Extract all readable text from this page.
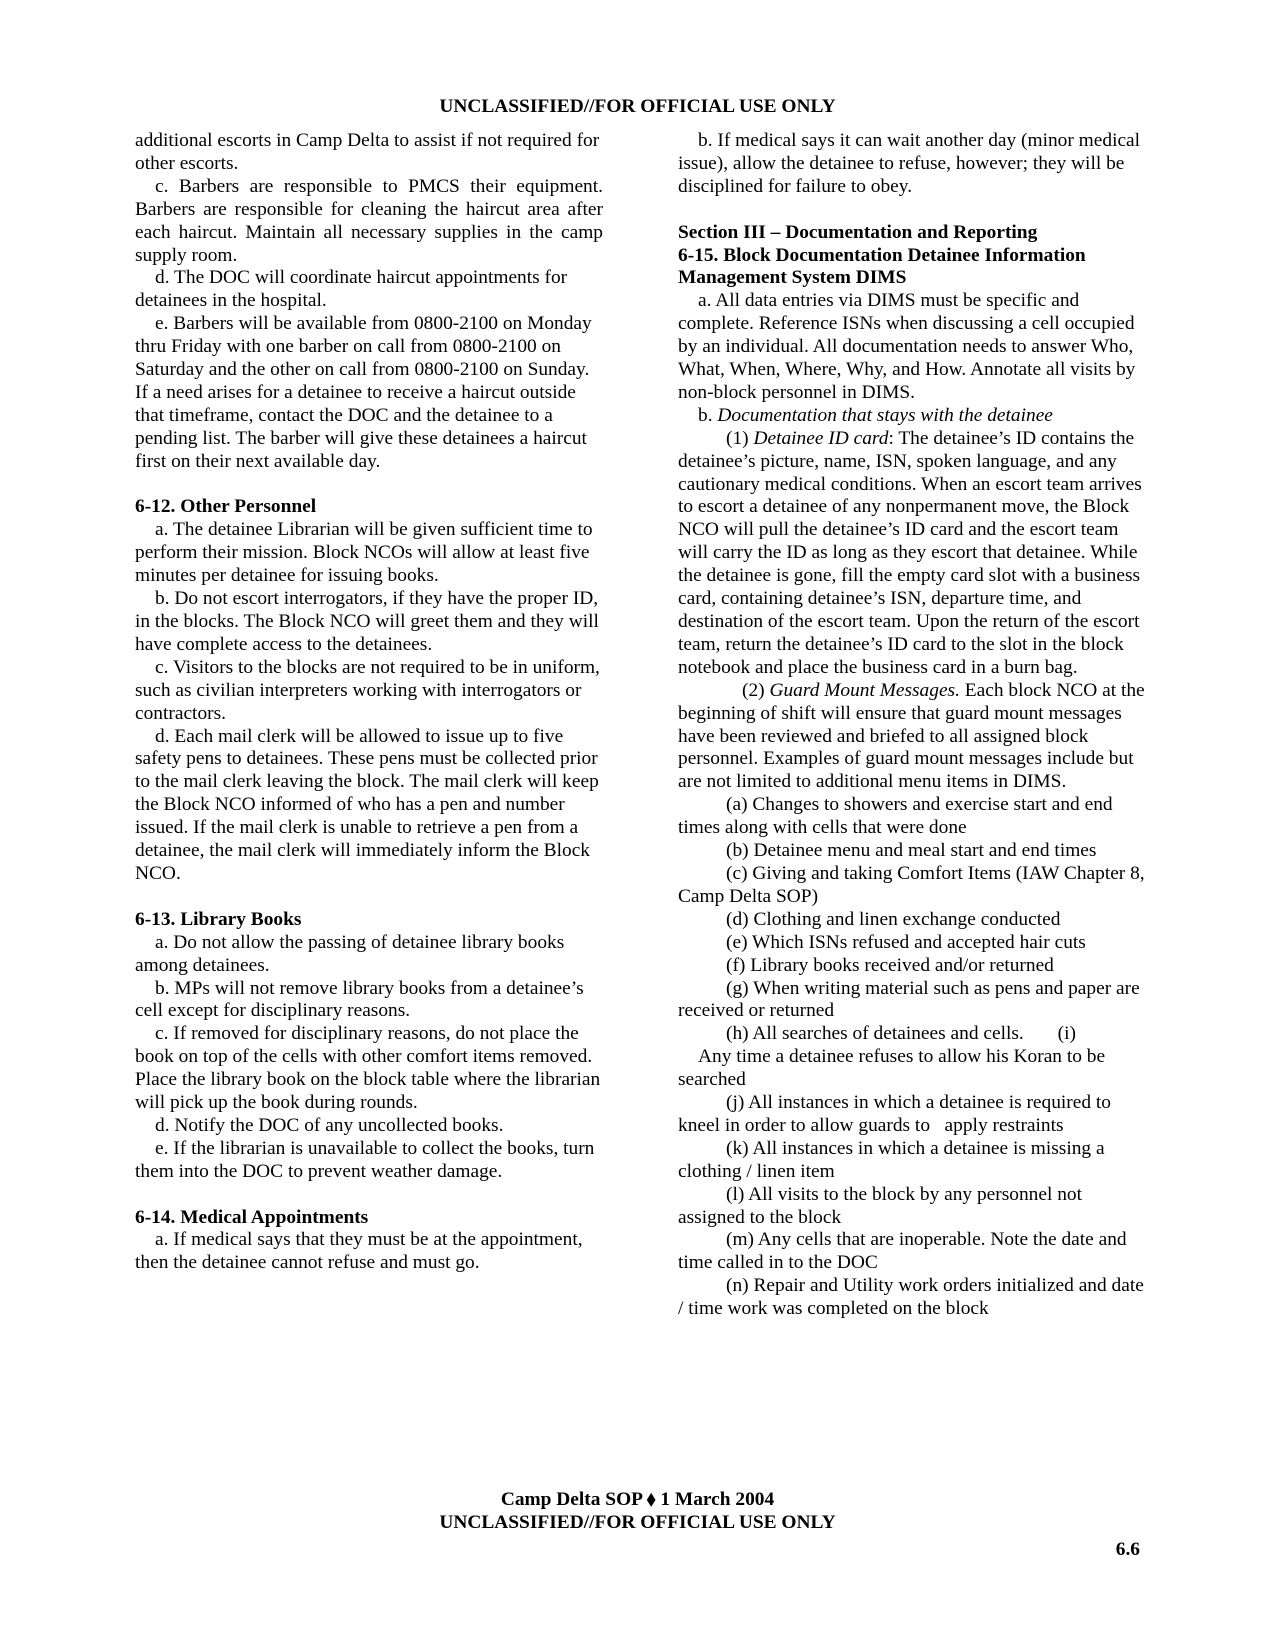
UNCLASSIFIED//FOR OFFICIAL USE ONLY

additional escorts in Camp Delta to assist if not required for other escorts.

c. Barbers are responsible to PMCS their equipment. Barbers are responsible for cleaning the haircut area after each haircut. Maintain all necessary supplies in the camp supply room.

d. The DOC will coordinate haircut appointments for detainees in the hospital.

e. Barbers will be available from 0800-2100 on Monday thru Friday with one barber on call from 0800-2100 on Saturday and the other on call from 0800-2100 on Sunday. If a need arises for a detainee to receive a haircut outside that timeframe, contact the DOC and the detainee to a pending list. The barber will give these detainees a haircut first on their next available day.

6-12. Other Personnel

a. The detainee Librarian will be given sufficient time to perform their mission. Block NCOs will allow at least five minutes per detainee for issuing books.

b. Do not escort interrogators, if they have the proper ID, in the blocks. The Block NCO will greet them and they will have complete access to the detainees.

c. Visitors to the blocks are not required to be in uniform, such as civilian interpreters working with interrogators or contractors.

d. Each mail clerk will be allowed to issue up to five safety pens to detainees. These pens must be collected prior to the mail clerk leaving the block. The mail clerk will keep the Block NCO informed of who has a pen and number issued. If the mail clerk is unable to retrieve a pen from a detainee, the mail clerk will immediately inform the Block NCO.

6-13. Library Books

a. Do not allow the passing of detainee library books among detainees.

b. MPs will not remove library books from a detainee’s cell except for disciplinary reasons.

c. If removed for disciplinary reasons, do not place the book on top of the cells with other comfort items removed. Place the library book on the block table where the librarian will pick up the book during rounds.

d. Notify the DOC of any uncollected books.

e. If the librarian is unavailable to collect the books, turn them into the DOC to prevent weather damage.

6-14. Medical Appointments

a. If medical says that they must be at the appointment, then the detainee cannot refuse and must go.

b. If medical says it can wait another day (minor medical issue), allow the detainee to refuse, however; they will be disciplined for failure to obey.

Section III – Documentation and Reporting
6-15. Block Documentation Detainee Information Management System DIMS

a. All data entries via DIMS must be specific and complete. Reference ISNs when discussing a cell occupied by an individual. All documentation needs to answer Who, What, When, Where, Why, and How. Annotate all visits by non-block personnel in DIMS.

b. Documentation that stays with the detainee

(1) Detainee ID card: The detainee’s ID contains the detainee’s picture, name, ISN, spoken language, and any cautionary medical conditions. When an escort team arrives to escort a detainee of any nonpermanent move, the Block NCO will pull the detainee’s ID card and the escort team will carry the ID as long as they escort that detainee. While the detainee is gone, fill the empty card slot with a business card, containing detainee’s ISN, departure time, and destination of the escort team. Upon the return of the escort team, return the detainee’s ID card to the slot in the block notebook and place the business card in a burn bag.

(2) Guard Mount Messages. Each block NCO at the beginning of shift will ensure that guard mount messages have been reviewed and briefed to all assigned block personnel. Examples of guard mount messages include but are not limited to additional menu items in DIMS.

(a) Changes to showers and exercise start and end times along with cells that were done

(b) Detainee menu and meal start and end times

(c) Giving and taking Comfort Items (IAW Chapter 8, Camp Delta SOP)

(d) Clothing and linen exchange conducted

(e) Which ISNs refused and accepted hair cuts

(f) Library books received and/or returned

(g) When writing material such as pens and paper are received or returned

(h) All searches of detainees and cells.       (i)

Any time a detainee refuses to allow his Koran to be searched

(j) All instances in which a detainee is required to kneel in order to allow guards to   apply restraints

(k) All instances in which a detainee is missing a clothing / linen item

(l) All visits to the block by any personnel not assigned to the block

(m) Any cells that are inoperable. Note the date and time called in to the DOC

(n) Repair and Utility work orders initialized and date / time work was completed on the block

Camp Delta SOP ⬧ 1 March 2004
UNCLASSIFIED//FOR OFFICIAL USE ONLY
6.6
